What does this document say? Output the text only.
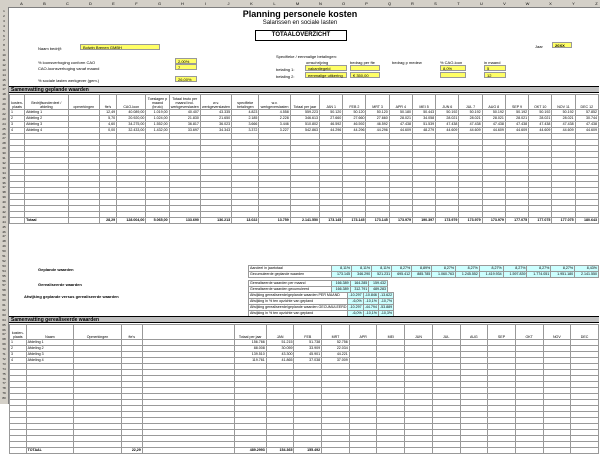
A	B	C	D	E	F	G	H	I	J	K	L	M	N	O	P	Q	R	S	T	U	V	W	X	Y	Z
1
2
3
4
5
6
7
8
9
10
11
12
13
14
15
16
17
18
19
20
21
22
23
24
25
26
27
28
29
30
31
32
33
34
35
36
37
38
39
40
41
42
43
44
45
46
47
48
49
50
51
52
53
54
55
56
57
58
59
60
61
62
63
64
65
66
67
68
69
70
71
72
73
74
75
76
77
78
79
80
Planning personele kosten
Salarissen en sociale lasten
TOTAALOVERZICHT
Jaar	20XX
Naam bedrijf:	Bolwin Brenen GMBH
% loonsverhoging conform CAO	2,00%
CAO-loonsverhoging vanaf maand	7
% sociale lasten werkgever (gem.)	26,00%
Specifieke / eenmalige betalingen:
omschrijving	bedrag per fte	bedrag p medew	% CAO-loon	in maand
betaling 1:	vakantiegeld	8,0%	5
betaling 2:	eenmalige uitkering	€ 350,00	12
Samenvatting geplande waarden
kosten-plaats	Bedrijfsonderdeel / afdeling	opmerkingen	fte's	CAO-loon	Toeslagen p maand (bruto)	Totaal bruto per maand incl. werkgeverslasten	w.v. werkgeverslasten	specifieke betalingen	w.v. werkgeverslasten	Totaal per jaar	JAN 1	FEB 2	MRT 3	APR 4	MEI 5	JUN 6	JUL 7	AUG 8	SEP 9	OKT 10	NOV 11	DEC 12
1	Afdeling 1		12,49	40.089,00	1.019,00	40.407	43.335	4.823	4.558	559.223	50.120	50.120	50.120	50.180	50.443	50.192	50.192	50.192	50.192	50.192	50.192	57.852
2	Afdeling 2		5,70	20.920,00	1.024,00	21.830	21.650	2.185	2.228	346.613	27.660	27.660	27.660	28.021	34.058	28.021	28.021	28.021	28.021	28.021	28.021	30.744
3	Afdeling 3		4,60	34.275,00	1.552,00	36.817	36.023	3.666	3.446	510.802	46.592	46.592	46.592	47.438	51.539	47.438	47.438	47.438	47.438	47.438	47.438	47.438
4	Afdeling 4		0,00	32.433,00	1.432,00	33.697	34.343	3.372	3.227	542.863	44.296	44.296	44.296	44.609	48.279	44.609	44.609	44.609	44.609	44.609	44.609	44.609

	Totaal		28,29	128.004,00	5.065,00	133.690	136.213	13.022	13.759	2.141.550	173.145	173.145	173.145	173.979	190.397	173.979	173.979	173.979	177.075	177.075	177.075	180.643
Geplande waarden	Aandeel in jaartotaal	8,11%	8,11%	8,11%	8,27%	8,89%	8,27%	8,27%	8,27%	8,27%	8,27%	8,27%	8,43%
Gecumuleerde geplande waarden	173.145	346.290	521.231	695.412	885.785	1.060.763	1.245.552	1.419.934	1.597.839	1.774.051	1.951.180	2.141.550
Gerealiseerde waarden	Gerealiseerde waarden per maand	166.389	164.285	159.432
Gerealiseerde waarden gecumuleerd	166.389	312.791	489.283
Afwijking geplande versus gerealiseerde waarden	Afwijking gerealiseerde/geplande waarden PER MAAND	-10.297	-10.846	-13.622
Afwijking in % ten opzichte van gepland	-6,0%	-10,1%	-10,7%
Afwijking gerealiseerde/geplande waarden GECUMULEERD	-10.297	-44.794	-53.889
Afwijking in % ten opzichte van gepland	-6,0%	-10,1%	-10,3%
Samenvatting gerealiseerde waarden
kosten-plaats	Naam	Opmerkingen	fte's		Totaal per jaar	JAN	FEB	MRT	APR	MEI	JUN	JUL	AUG	SEP	OKT	NOV	DEC
1	Afdeling 1				156.766	51.215	51.738	52.756									
2	Afdeling 2				88.008	30.059	33.909	22.034									
3	Afdeling 3				139.510	43.300	45.901	44.221									
4	Afdeling 4				119.761	41.865	37.038	37.009									

	TOTAAL		22,29		489.2993	154.365	155.492										
